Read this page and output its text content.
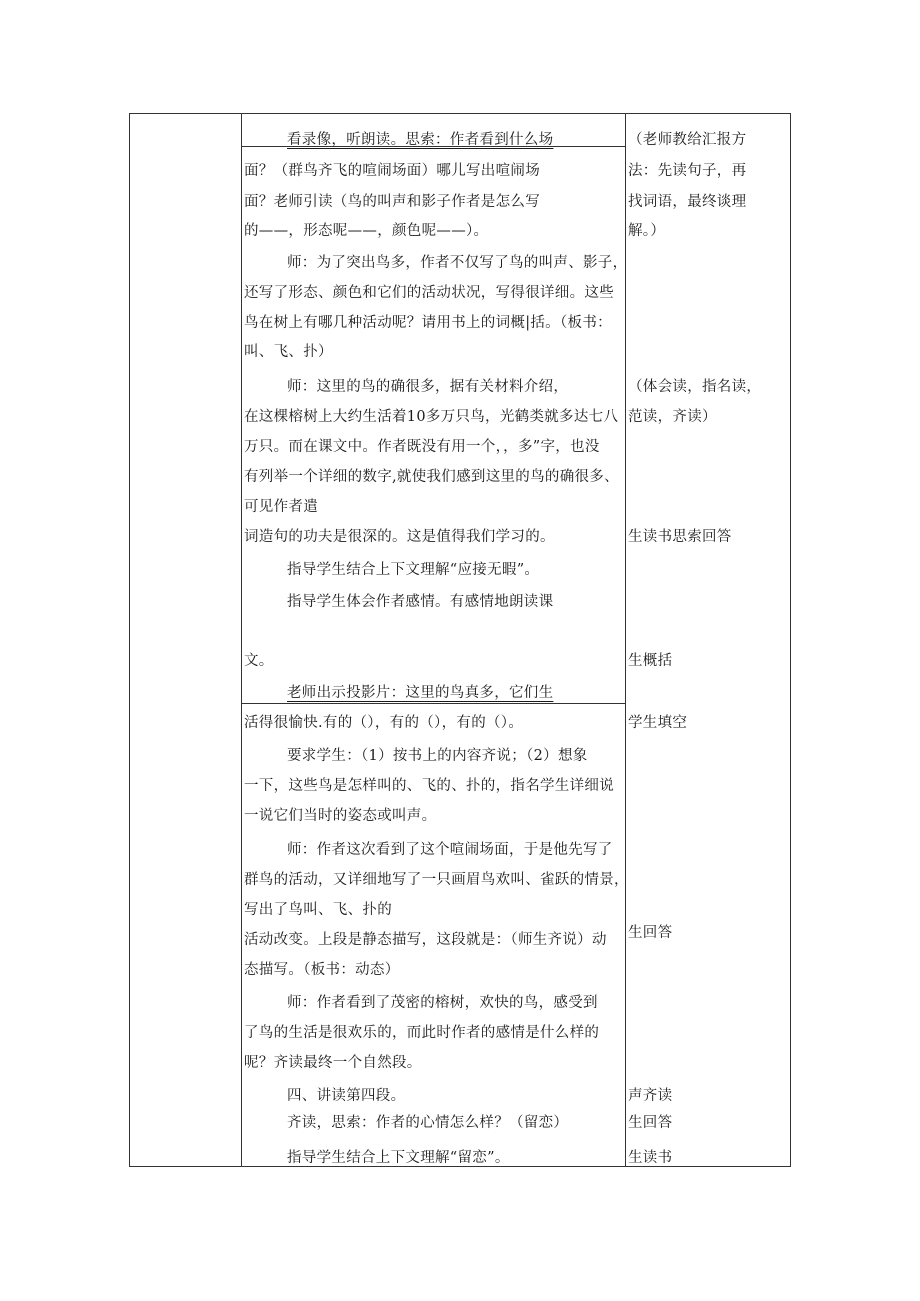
看录像，听朗读。思索：作者看到什么场
面？（群鸟齐飞的喧闹场面）哪儿写出喧闹场
面？老师引读（鸟的叫声和影子作者是怎么写
的——，形态呢——，颜色呢——）。
师：为了突出鸟多，作者不仅写了鸟的叫声、影子，
还写了形态、颜色和它们的活动状况，写得很详细。这些
鸟在树上有哪几种活动呢？请用书上的词概|括。（板书：
叫、飞、扑）
师：这里的鸟的确很多，据有关材料介绍，
在这棵榕树上大约生活着10多万只鸟，光鹤类就多达七八
万只。而在课文中。作者既没有用一个，，多”字，也没
有列举一个详细的数字,就使我们感到这里的鸟的确很多、
可见作者遣
词造句的功夫是很深的。这是值得我们学习的。
指导学生结合上下文理解“应接无暇”。
指导学生体会作者感情。有感情地朗读课
文。
老师出示投影片：这里的鸟真多，它们生
活得很愉快.有的（），有的（），有的（）。
要求学生：（1）按书上的内容齐说；（2）想象
一下，这些鸟是怎样叫的、飞的、扑的，指名学生详细说
一说它们当时的姿态或叫声。
师：作者这次看到了这个喧闹场面，于是他先写了
群鸟的活动，又详细地写了一只画眉鸟欢叫、雀跃的情景，
写出了鸟叫、飞、扑的
活动改变。上段是静态描写，这段就是：（师生齐说）动
态描写。（板书：动态）
师：作者看到了茂密的榕树，欢快的鸟，感受到
了鸟的生活是很欢乐的，而此时作者的感情是什么样的
呢？齐读最终一个自然段。
四、讲读第四段。
齐读，思索：作者的心情怎么样？（留恋）
指导学生结合上下文理解“留恋”。
（老师教给汇报方
法：先读句子，再
找词语，最终谈理
解。）
（体会读，指名读，
范读，齐读）
生读书思索回答
生概括
学生填空
生回答
声齐读
生回答
生读书
